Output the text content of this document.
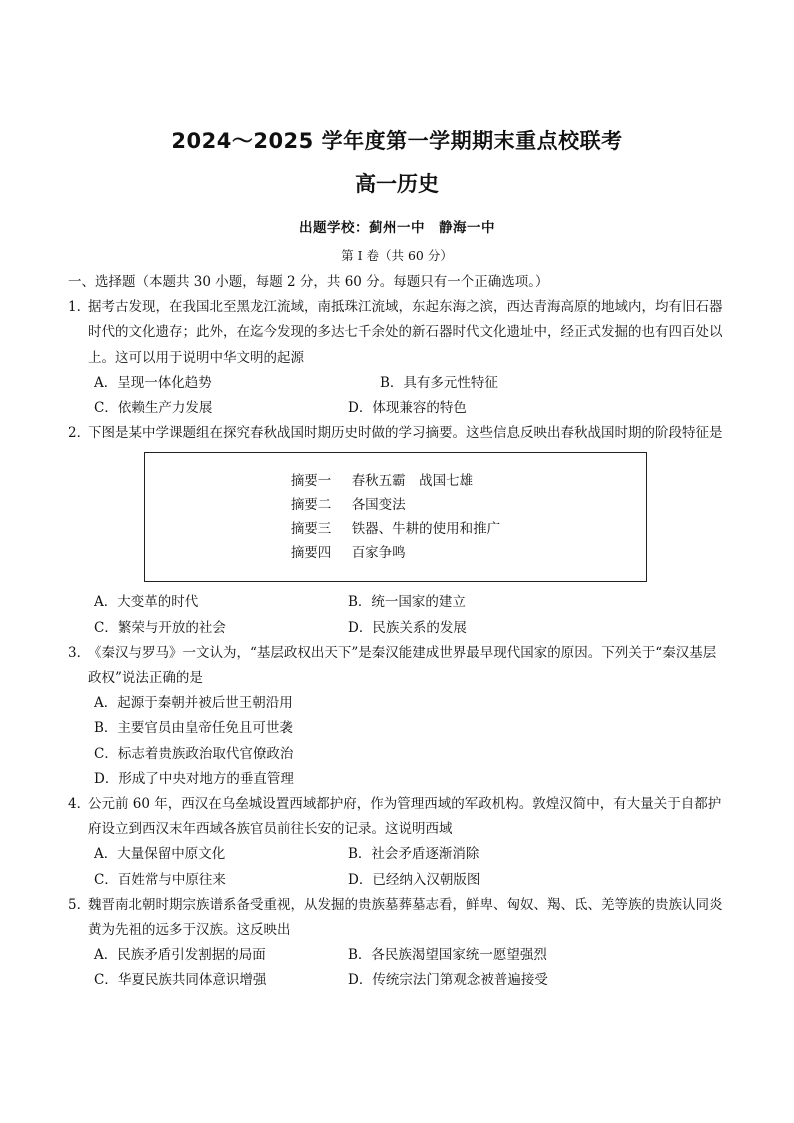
2024～2025 学年度第一学期期末重点校联考
高一历史
出题学校：蓟州一中　静海一中
第 I 卷（共 60 分）
一、选择题（本题共 30 小题，每题 2 分，共 60 分。每题只有一个正确选项。）
1．据考古发现，在我国北至黑龙江流域，南抵珠江流域，东起东海之滨，西达青海高原的地域内，均有旧石器时代的文化遗存；此外，在迄今发现的多达七千余处的新石器时代文化遗址中，经正式发掘的也有四百处以上。这可以用于说明中华文明的起源
A．呈现一体化趋势	B．具有多元性特征
C．依赖生产力发展	D．体现兼容的特色
2．下图是某中学课题组在探究春秋战国时期历史时做的学习摘要。这些信息反映出春秋战国时期的阶段特征是
摘要一 春秋五霸　战国七雄
摘要二 各国变法
摘要三 铁器、牛耕的使用和推广
摘要四 百家争鸣
A．大变革的时代	B．统一国家的建立
C．繁荣与开放的社会	D．民族关系的发展
3．《秦汉与罗马》一文认为，“基层政权出天下”是秦汉能建成世界最早现代国家的原因。下列关于“秦汉基层政权”说法正确的是
A．起源于秦朝并被后世王朝沿用
B．主要官员由皇帝任免且可世袭
C．标志着贵族政治取代官僚政治
D．形成了中央对地方的垂直管理
4．公元前 60 年，西汉在乌垒城设置西域都护府，作为管理西域的军政机构。敦煌汉简中，有大量关于自都护府设立到西汉末年西域各族官员前往长安的记录。这说明西域
A．大量保留中原文化	B．社会矛盾逐渐消除
C．百姓常与中原往来	D．已经纳入汉朝版图
5．魏晋南北朝时期宗族谱系备受重视，从发掘的贵族墓葬墓志看，鲜卑、匈奴、羯、氐、羌等族的贵族认同炎黄为先祖的远多于汉族。这反映出
A．民族矛盾引发割据的局面	B．各民族渴望国家统一愿望强烈
C．华夏民族共同体意识增强	D．传统宗法门第观念被普遍接受
